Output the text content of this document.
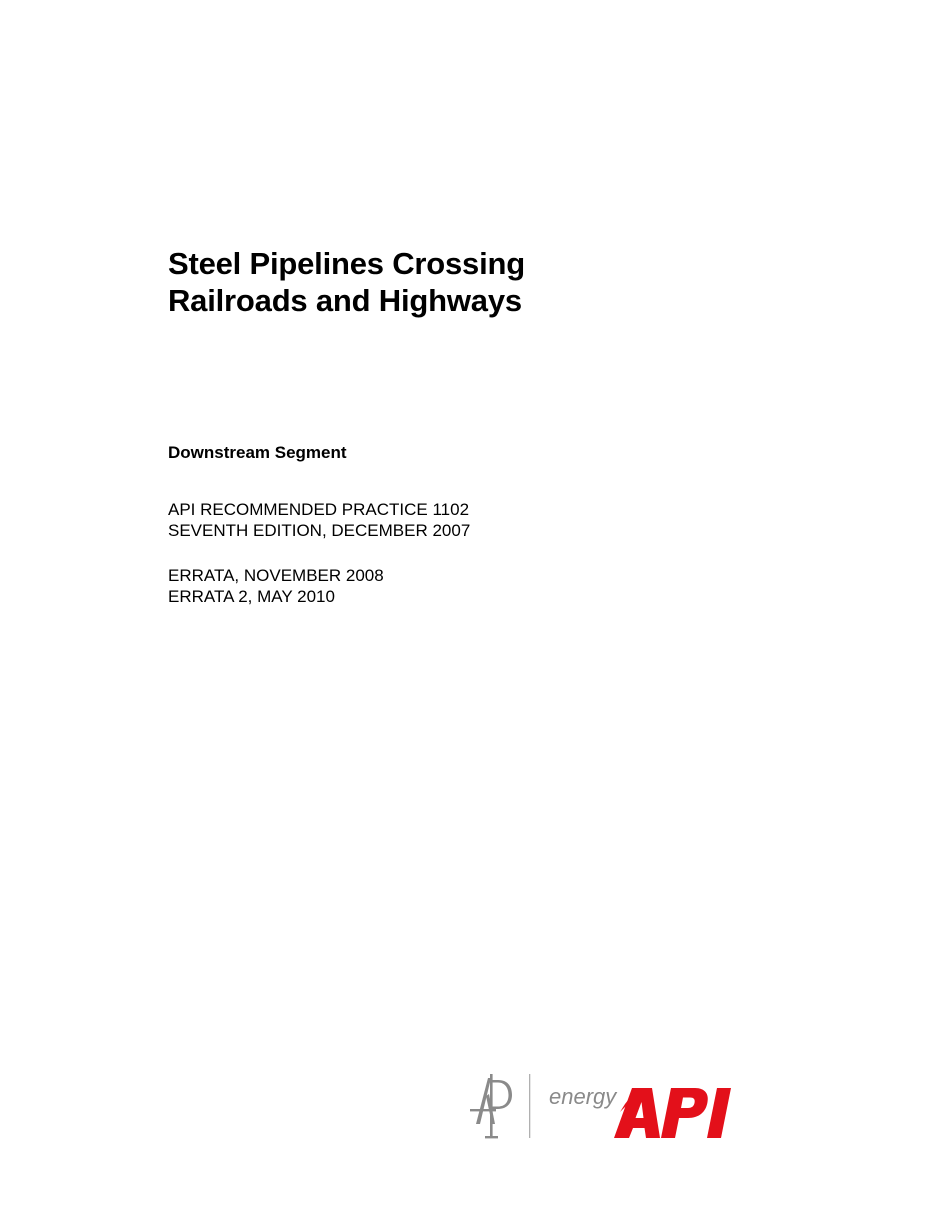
Steel Pipelines Crossing
Railroads and Highways
Downstream Segment
API RECOMMENDED PRACTICE 1102
SEVENTH EDITION, DECEMBER 2007
ERRATA, NOVEMBER 2008
ERRATA 2, MAY 2010
energy
